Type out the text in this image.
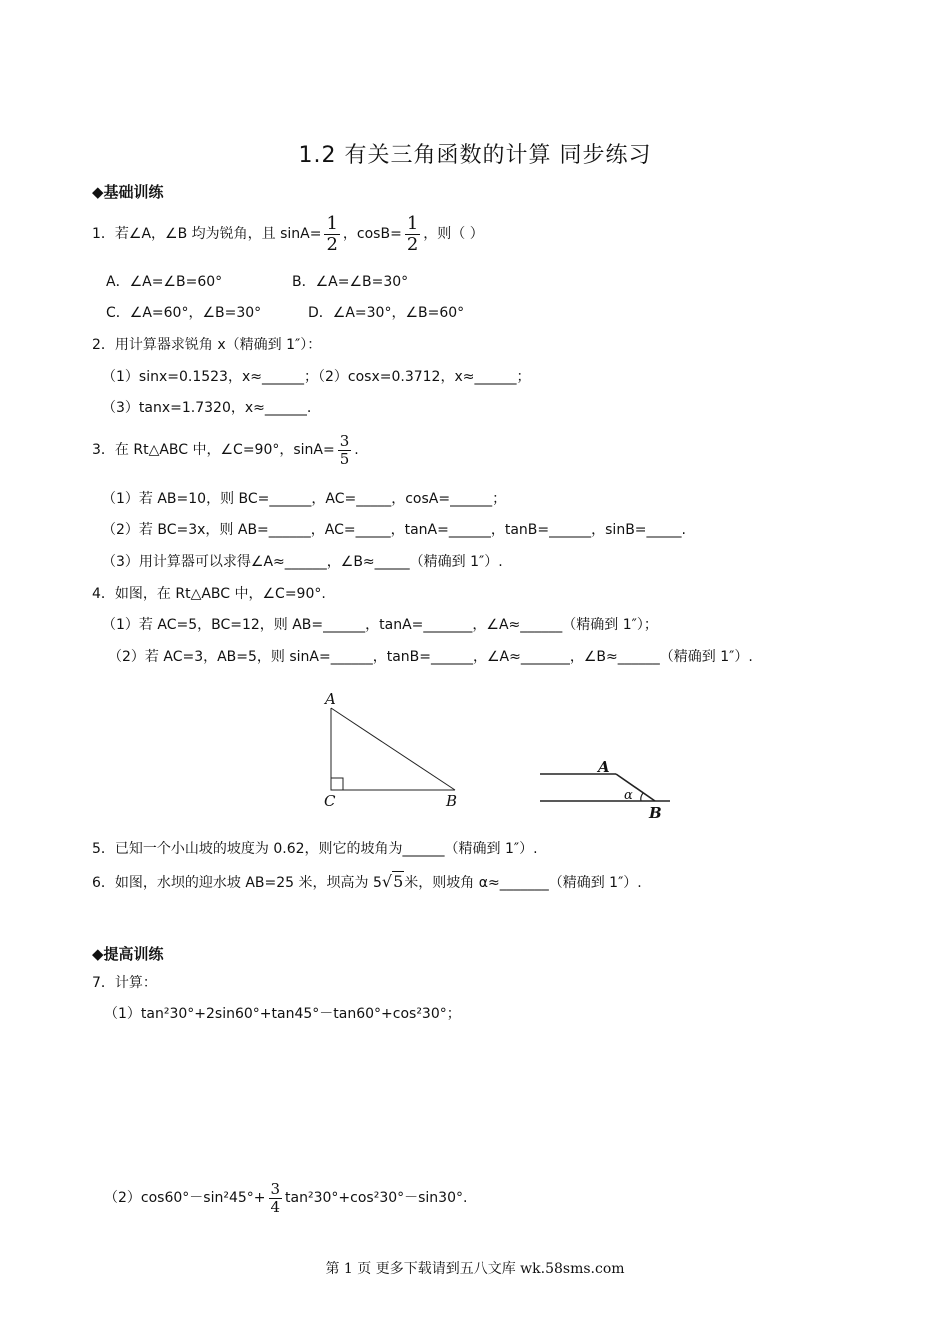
1.2 有关三角函数的计算 同步练习
◆基础训练
1．若∠A，∠B 均为锐角，且 $\sin A= \frac{1}{2}$ ，$\cos B= \frac{1}{2}$ ，则（ ）
A．∠A=∠B=60°	B．∠A=∠B=30°
C．∠A=60°，∠B=30°	D．∠A=30°，∠B=60°
2．用计算器求锐角 x（精确到 1″）：
（1）sinx=0.1523，x≈______；（2）cosx=0.3712，x≈______；
（3）tanx=1.7320，x≈______.
3．在 Rt△ABC 中，∠C=90°，$\sin A= \frac{3}{5}$ .
（1）若 AB=10，则 BC=______，AC=_____，cosA=______；
（2）若 BC=3x，则 AB=______，AC=_____，tanA=______，tanB=______，sinB=_____.
（3）用计算器可以求得∠A≈______，∠B≈_____（精确到 1″）.
4．如图，在 Rt△ABC 中，∠C=90°.
（1）若 AC=5，BC=12，则 AB=______，tanA=_______，∠A≈______（精确到 1″）；
（2）若 AC=3，AB=5，则 sinA=______，tanB=______，∠A≈_______，∠B≈______（精确到 1″）.
A
C	B
A
α
B
5．已知一个小山坡的坡度为 0.62，则它的坡角为______（精确到 1″）.
6．如图，水坝的迎水坡 AB=25 米，坝高为 5√5米，则坡角 α≈_______（精确到 1″）.
◆提高训练
7．计算：
（1）tan²30°+2sin60°+tan45°－tan60°+cos²30°；
$(2)\cos 60^\circ-\sin^245^\circ+ \frac{3}{4} \tan^230^\circ+\cos^230^\circ-\sin 30^\circ$.
第 1 页 更多下载请到五八文库 wk.58sms.com
